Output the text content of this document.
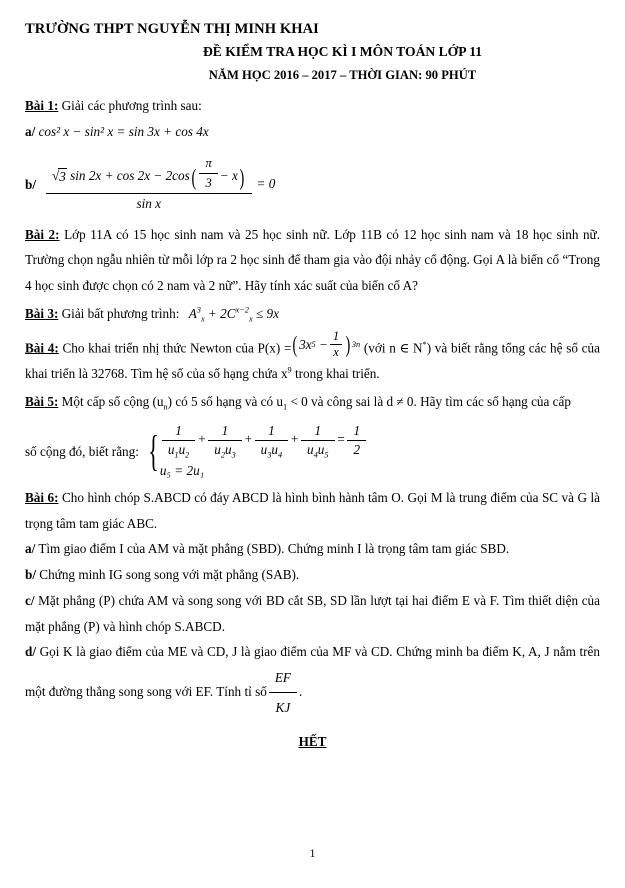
TRƯỜNG THPT NGUYỄN THỊ MINH KHAI
ĐỀ KIỂM TRA HỌC KÌ I MÔN TOÁN LỚP 11
NĂM HỌC 2016 – 2017 – THỜI GIAN: 90 PHÚT
Bài 1: Giải các phương trình sau:
a/ cos² x − sin² x = sin 3x + cos 4x
$b/ \frac{√3 \sin 2x + \cos 2x - 2\cos( \frac{\pi}{3} - x)}{\text{sin x}} = 0$
Bài 2: Lớp 11A có 15 học sinh nam và 25 học sinh nữ. Lớp 11B có 12 học sinh nam và 18 học sinh nữ. Trường chọn ngẫu nhiên từ mỗi lớp ra 2 học sinh để tham gia vào đội nhảy cổ động. Gọi A là biến cố “Trong 4 học sinh được chọn có 2 nam và 2 nữ”. Hãy tính xác suất của biến cố A?
Bài 3: Giải bất phương trình: $A^3_x + 2C^{x-2}_x \le 9x$
Bài 4: Cho khai triển nhị thức Newton của P(x) = ( 3x $5 - \frac{1}{x}$ ) 3n (với n ∈ N*) và biết rằng tổng các hệ số của khai triển là 32768. Tìm hệ số của số hạng chứa $x^9$ trong khai triển.
Bài 5: Một cấp số cộng $(u_n)$ có 5 số hạng và có $u_1 < 0$ và công sai là d ≠ 0. Hãy tìm các số hạng của cấp
số cộng đó, biết rằng: { $\frac{1}{u_1u_2} + \frac{1}{u_2u_3} + \frac{1}{u_3u_4} + \frac{1}{u_4u_5} = \frac{1}{2}$
u₅ = 2u₁
Bài 6: Cho hình chóp S.ABCD có đáy ABCD là hình bình hành tâm O. Gọi M là trung điểm của SC và G là trọng tâm tam giác ABC.
a/ Tìm giao điểm I của AM và mặt phẳng (SBD). Chứng minh I là trọng tâm tam giác SBD.
b/ Chứng minh IG song song với mặt phẳng (SAB).
c/ Mặt phẳng (P) chứa AM và song song với BD cắt SB, SD lần lượt tại hai điểm E và F. Tìm thiết diện của mặt phẳng (P) và hình chóp S.ABCD.
d/ Gọi K là giao điểm của ME và CD, J là giao điểm của MF và CD. Chứng minh ba điểm K, A, J nằm trên một đường thẳng song song với EF. Tính tỉ số $\frac{EF}{KJ}$ .
HẾT
1
